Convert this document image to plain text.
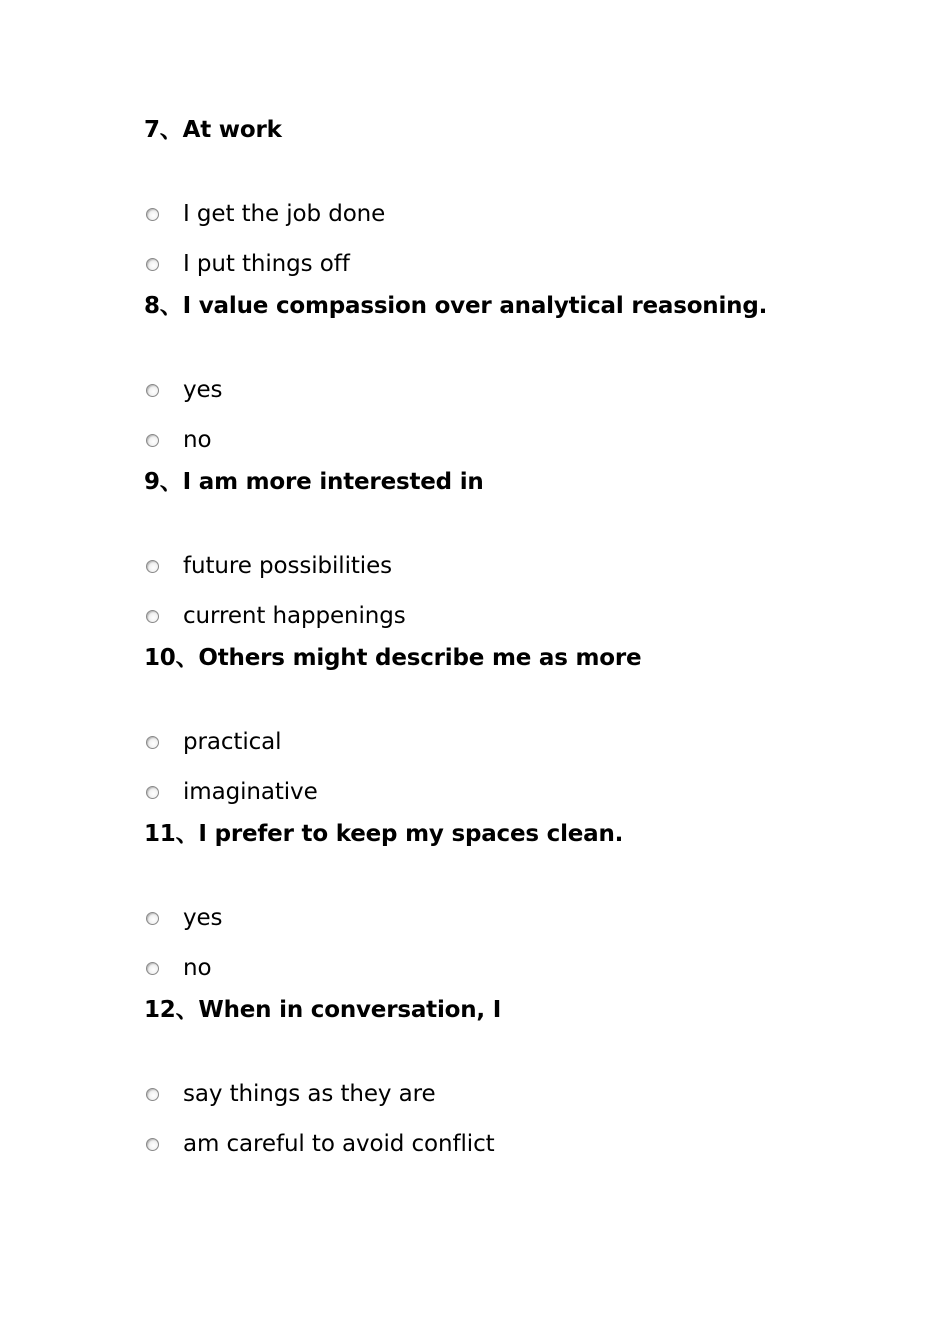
7、At work
I get the job done
I put things off
8、I value compassion over analytical reasoning.
yes
no
9、I am more interested in
future possibilities
current happenings
10、Others might describe me as more
practical
imaginative
11、I prefer to keep my spaces clean.
yes
no
12、When in conversation, I
say things as they are
am careful to avoid conflict
